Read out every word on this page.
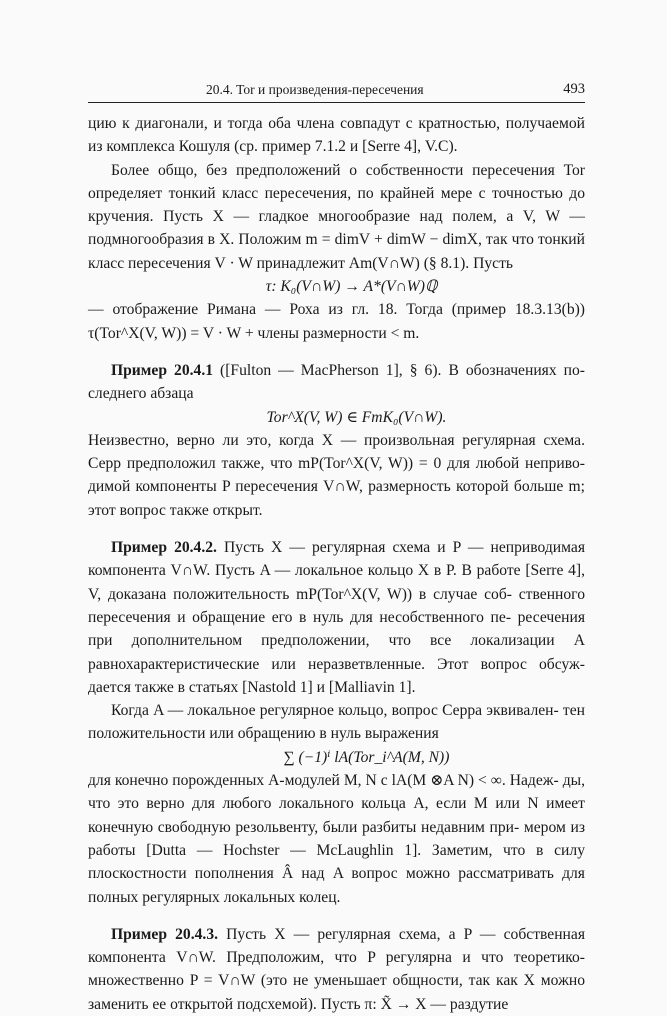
20.4. Tor и произведения-пересечения	493

цию к диагонали, и тогда оба члена совпадут с кратностью, получаемой из комплекса Кошуля (ср. пример 7.1.2 и [Serre 4], V.C).

Более общо, без предположений о собственности пересечения Tor определяет тонкий класс пересечения, по крайней мере с точностью до кручения. Пусть X — гладкое многообразие над полем, а V, W — подмногообразия в X. Положим m = dimV + dimW − dimX, так что тонкий класс пересечения V · W принадлежит Am(V∩W) (§ 8.1). Пусть

τ: K₀(V∩W) → A*(V∩W)ℚ

— отображение Римана — Роха из гл. 18. Тогда (пример 18.3.13(b)) τ(Tor^X(V, W)) = V · W + члены размерности < m.

Пример 20.4.1 ([Fulton — MacPherson 1], § 6). В обозначениях по- следнего абзаца

Tor^X(V, W) ∈ FmK₀(V∩W).

Неизвестно, верно ли это, когда X — произвольная регулярная схема. Серр предположил также, что mP(Tor^X(V, W)) = 0 для любой неприво- димой компоненты P пересечения V∩W, размерность которой больше m; этот вопрос также открыт.

Пример 20.4.2. Пусть X — регулярная схема и P — неприводимая компонента V∩W. Пусть A — локальное кольцо X в P. В работе [Serre 4], V, доказана положительность mP(Tor^X(V, W)) в случае соб- ственного пересечения и обращение его в нуль для несобственного пе- ресечения при дополнительном предположении, что все локализации A равнохарактеристические или неразветвленные. Этот вопрос обсуж- дается также в статьях [Nastold 1] и [Malliavin 1].

Когда A — локальное регулярное кольцо, вопрос Серра эквивален- тен положительности или обращению в нуль выражения

∑ (−1)ⁱ lA(Tor_i^A(M, N))

для конечно порожденных A-модулей M, N с lA(M ⊗A N) < ∞. Надеж- ды, что это верно для любого локального кольца A, если M или N имеет конечную свободную резольвенту, были разбиты недавним при- мером из работы [Dutta — Hochster — McLaughlin 1]. Заметим, что в силу плоскостности пополнения Â над A вопрос можно рассматривать для полных регулярных локальных колец.

Пример 20.4.3. Пусть X — регулярная схема, а P — собственная компонента V∩W. Предположим, что P регулярна и что теоретико- множественно P = V∩W (это не уменьшает общности, так как X можно заменить ее открытой подсхемой). Пусть π: X̃ → X — раздутие
